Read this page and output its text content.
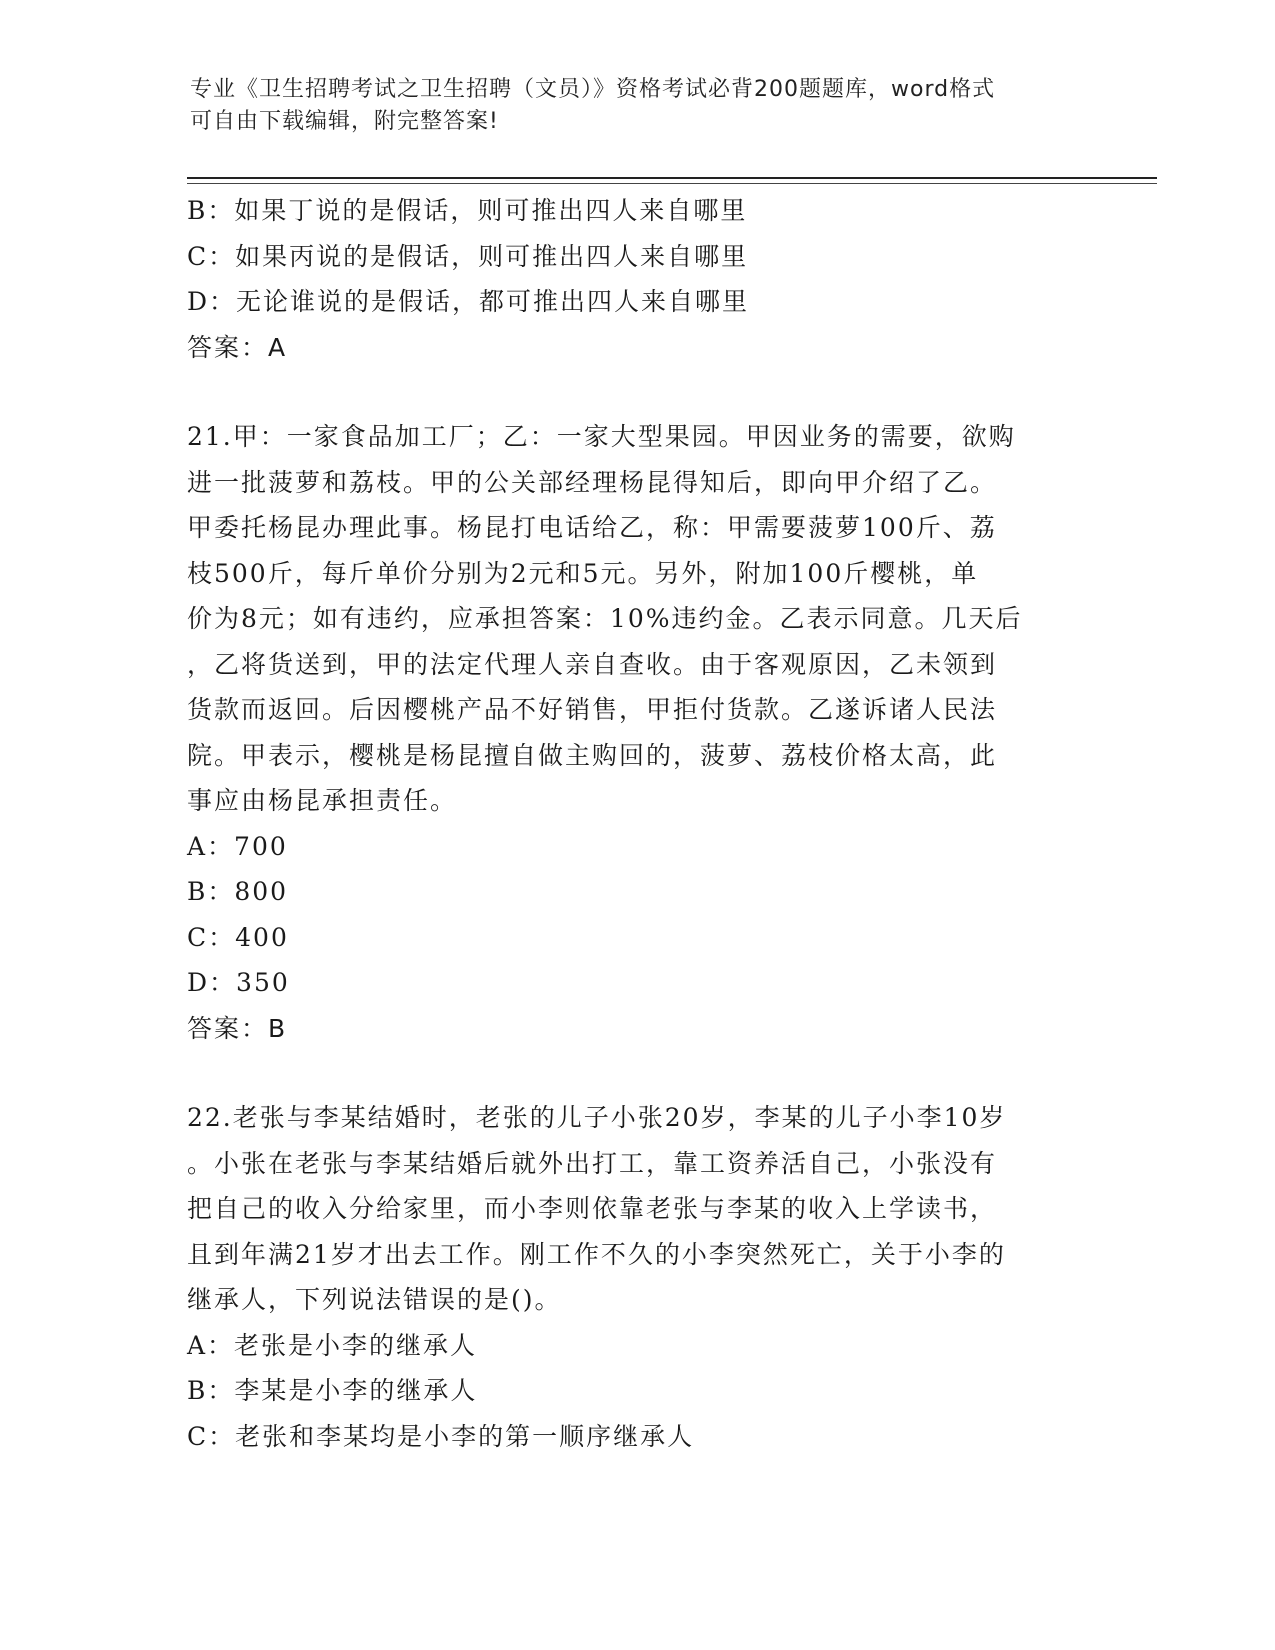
专业《卫生招聘考试之卫生招聘（文员）》资格考试必背200题题库，word格式
可自由下载编辑，附完整答案!
B：如果丁说的是假话，则可推出四人来自哪里
C：如果丙说的是假话，则可推出四人来自哪里
D：无论谁说的是假话，都可推出四人来自哪里
答案：A
21.甲：一家食品加工厂；乙：一家大型果园。甲因业务的需要，欲购
进一批菠萝和荔枝。甲的公关部经理杨昆得知后，即向甲介绍了乙。
甲委托杨昆办理此事。杨昆打电话给乙，称：甲需要菠萝100斤、荔
枝500斤，每斤单价分别为2元和5元。另外，附加100斤樱桃，单
价为8元；如有违约，应承担答案：10%违约金。乙表示同意。几天后
，乙将货送到，甲的法定代理人亲自查收。由于客观原因，乙未领到
货款而返回。后因樱桃产品不好销售，甲拒付货款。乙遂诉诸人民法
院。甲表示，樱桃是杨昆擅自做主购回的，菠萝、荔枝价格太高，此
事应由杨昆承担责任。
A：700
B：800
C：400
D：350
答案：B
22.老张与李某结婚时，老张的儿子小张20岁，李某的儿子小李10岁
。小张在老张与李某结婚后就外出打工，靠工资养活自己，小张没有
把自己的收入分给家里，而小李则依靠老张与李某的收入上学读书，
且到年满21岁才出去工作。刚工作不久的小李突然死亡，关于小李的
继承人，下列说法错误的是()。
A：老张是小李的继承人
B：李某是小李的继承人
C：老张和李某均是小李的第一顺序继承人
